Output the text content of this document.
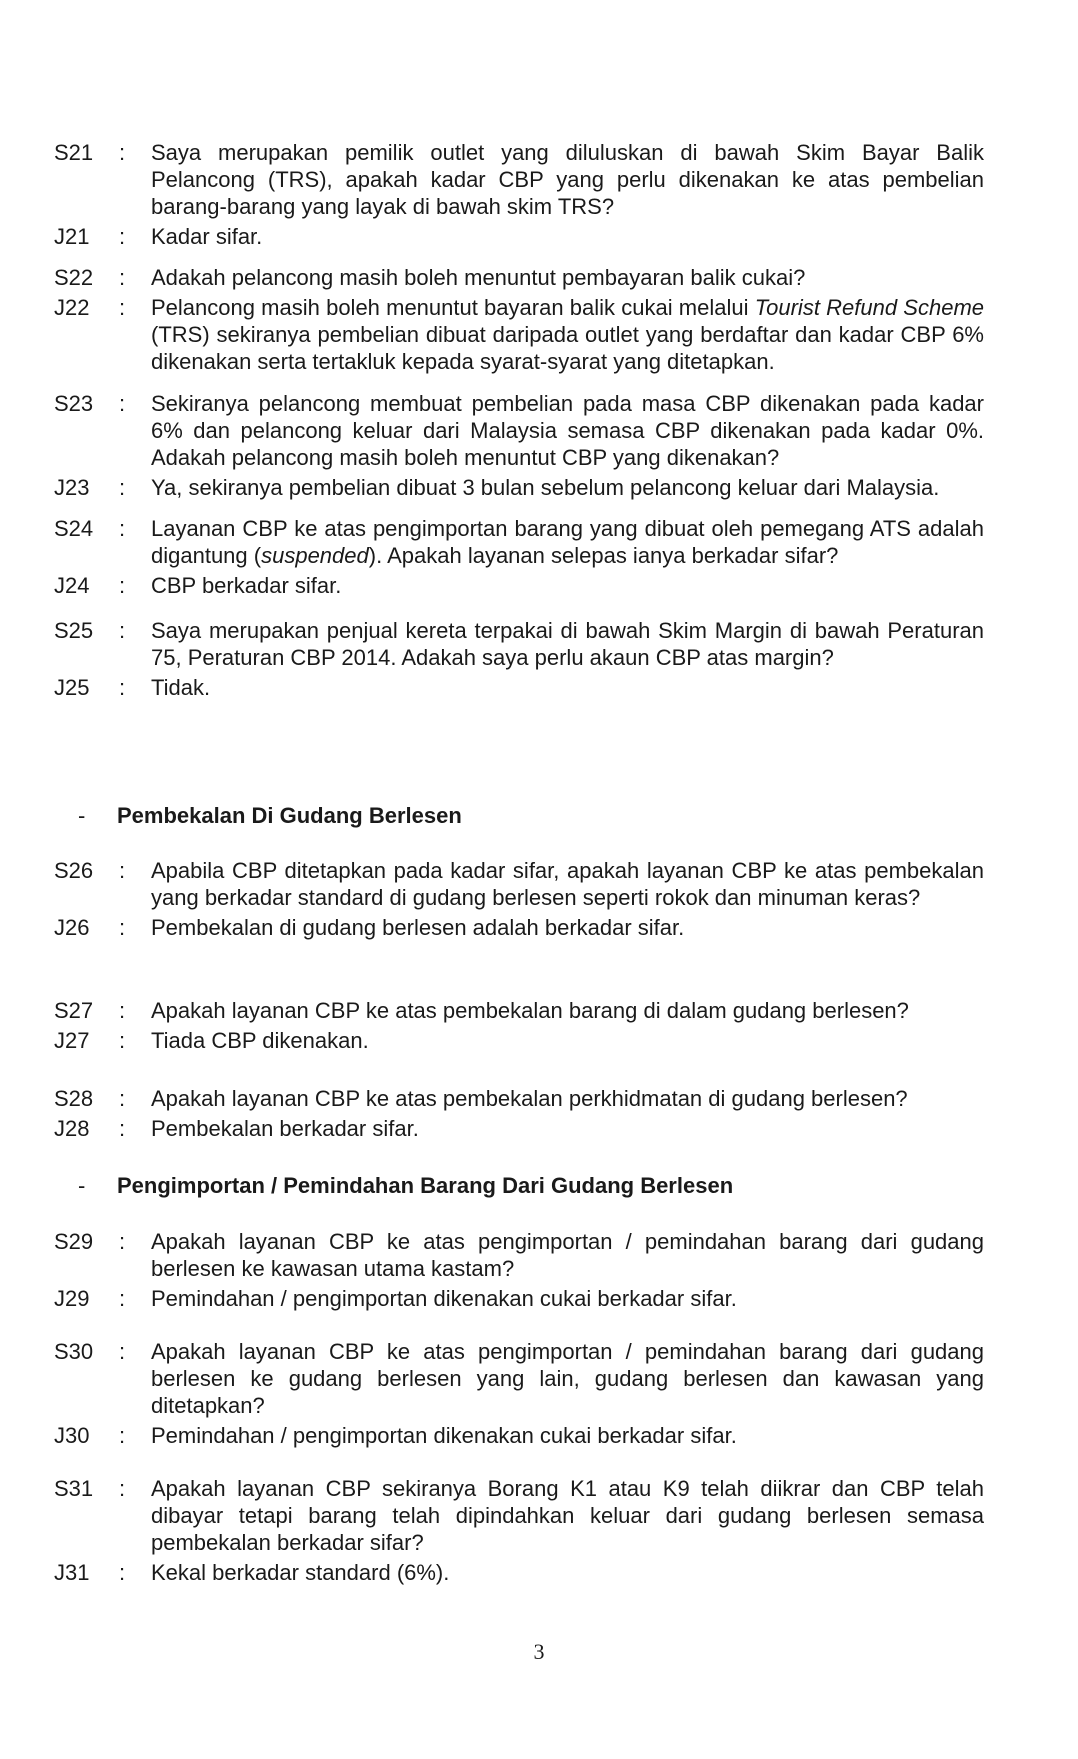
S21	:	Saya merupakan pemilik outlet yang diluluskan di bawah Skim Bayar Balik Pelancong (TRS), apakah kadar CBP yang perlu dikenakan ke atas pembelian barang-barang yang layak di bawah skim TRS?
J21	:	Kadar sifar.
S22	:	Adakah pelancong masih boleh menuntut pembayaran balik cukai?
J22	:	Pelancong masih boleh menuntut bayaran balik cukai melalui Tourist Refund Scheme (TRS) sekiranya pembelian dibuat daripada outlet yang berdaftar dan kadar CBP 6% dikenakan serta tertakluk kepada syarat-syarat yang ditetapkan.
S23	:	Sekiranya pelancong membuat pembelian pada masa CBP dikenakan pada kadar 6% dan pelancong keluar dari Malaysia semasa CBP dikenakan pada kadar 0%. Adakah pelancong masih boleh menuntut CBP yang dikenakan?
J23	:	Ya, sekiranya pembelian dibuat 3 bulan sebelum pelancong keluar dari Malaysia.
S24	:	Layanan CBP ke atas pengimportan barang yang dibuat oleh pemegang ATS adalah digantung (suspended). Apakah layanan selepas ianya berkadar sifar?
J24	:	CBP berkadar sifar.
S25	:	Saya merupakan penjual kereta terpakai di bawah Skim Margin di bawah Peraturan 75, Peraturan CBP 2014. Adakah saya perlu akaun CBP atas margin?
J25	:	Tidak.
-	Pembekalan Di Gudang Berlesen
S26	:	Apabila CBP ditetapkan pada kadar sifar, apakah layanan CBP ke atas pembekalan yang berkadar standard di gudang berlesen seperti rokok dan minuman keras?
J26	:	Pembekalan di gudang berlesen adalah berkadar sifar.
S27	:	Apakah layanan CBP ke atas pembekalan barang di dalam gudang berlesen?
J27	:	Tiada CBP dikenakan.
S28	:	Apakah layanan CBP ke atas pembekalan perkhidmatan di gudang berlesen?
J28	:	Pembekalan berkadar sifar.
-	Pengimportan / Pemindahan Barang Dari Gudang Berlesen
S29	:	Apakah layanan CBP ke atas pengimportan / pemindahan barang dari gudang berlesen ke kawasan utama kastam?
J29	:	Pemindahan / pengimportan dikenakan cukai berkadar sifar.
S30	:	Apakah layanan CBP ke atas pengimportan / pemindahan barang dari gudang berlesen ke gudang berlesen yang lain, gudang berlesen dan kawasan yang ditetapkan?
J30	:	Pemindahan / pengimportan dikenakan cukai berkadar sifar.
S31	:	Apakah layanan CBP sekiranya Borang K1 atau K9 telah diikrar dan CBP telah dibayar tetapi barang telah dipindahkan keluar dari gudang berlesen semasa pembekalan berkadar sifar?
J31	:	Kekal berkadar standard (6%).
3
